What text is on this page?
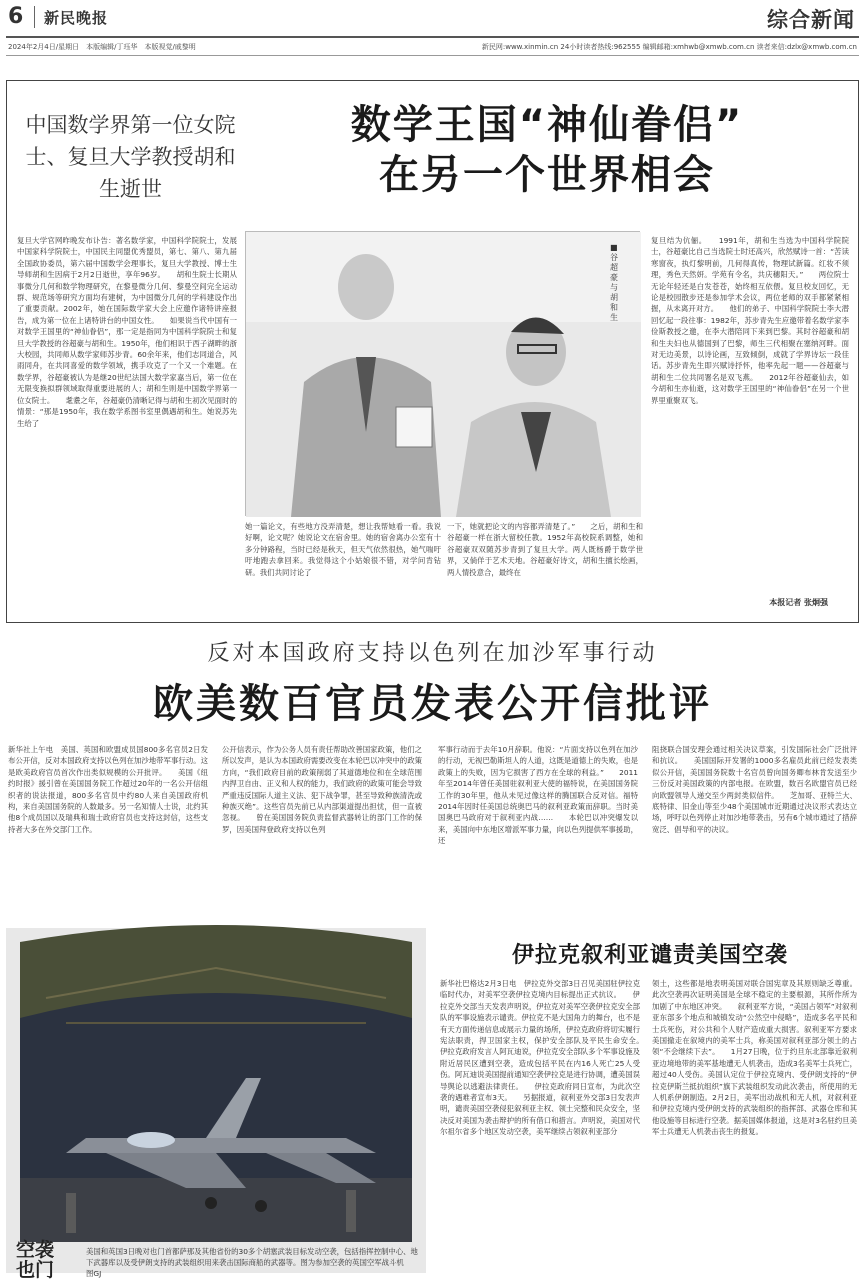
6 新民晚报	综合新闻
2024年2月4日/星期日　本版编辑/丁珏华　本版视觉/戚黎明	新民网:www.xinmin.cn 24小时读者热线:962555 编辑邮箱:xmhwb@xmwb.com.cn 读者来信:dzlx@xmwb.com.cn
中国数学界第一位女院士、复旦大学教授胡和生逝世
数学王国“神仙眷侣”
在另一个世界相会
复旦大学官网昨晚发布讣告：著名数学家，中国科学院院士，发展中国家科学院院士，中国民主同盟优秀盟员，第七、第八、第九届全国政协委员，第六届中国数学会理事长，复旦大学教授、博士生导师胡和生因病于2月2日逝世，享年96岁。　　胡和生院士长期从事微分几何和数学物理研究，在黎曼微分几何、黎曼空间完全运动群、规范场等研究方面均有建树，为中国微分几何的学科建设作出了重要贡献。2002年，她在国际数学家大会上应邀作诸特讲座报告，成为第一位在上诸特讲台的中国女性。　　如果说当代中国有一对数学王国里的“神仙眷侣”，那一定是指同为中国科学院院士和复旦大学教授的谷超豪与胡和生。1950年，他们相识于西子湖畔的浙大校园，共同师从数学家师苏步青。60余年来，他们志同道合，风雨同舟，在共同喜爱的数学领域，携手攻克了一个又一个难题。在数学界，谷超豪被认为是继20世纪法国大数学家嘉当后，第一位在无限变换拟群领域取得重要进展的人；胡和生则是中国数学界第一位女院士。　　耄耋之年，谷超豪仍清晰记得与胡和生初次见面时的情景：“那是1950年，我在数学系图书室里偶遇胡和生。她说苏先生给了
■ 谷超豪与胡和生
她一篇论文，有些地方没弄清楚，想让我帮她看一看。我说好啊，论文呢？她说论文在宿舍里。她的宿舍离办公室有十多分钟路程，当时已经是秋天，但天气依然很热，她气喘吁吁地跑去拿回来。我觉得这个小姑娘很不错，对学问肯钻研。我们共同讨论了
一下，她就把论文的内容都弄清楚了。”　　之后，胡和生和谷超豪一样在浙大留校任教。1952年高校院系调整，她和谷超豪双双随苏步青到了复旦大学。两人既杨爵于数学世界，又倘佯于艺术天地。谷超豪好诗文，胡和生擅长绘画，两人情投意合，最终在
复旦结为伉俪。　　1991年，胡和生当选为中国科学院院士，谷超豪比自己当选院士时还高兴，欣然赋诗一首：“苦读寒窗夜，执灯黎明前，几何得真传，物理试新篇。红妆不须理，秀色天然妍。学苑有令名，共庆穗阳天。”　　两位院士无论年轻还是白发苍苍，始终相互依偎。复旦校友回忆，无论是校园散步还是参加学术会议，两位老师的双手都紧紧相握，从未离开对方。　　他们的弟子、中国科学院院士李大潜回忆起一段往事：1982年，苏步青先生应邀带着名数学家李俭斯教授之邀，在李大潜陪同下来到巴黎。其时谷超豪和胡和生夫妇也从德国到了巴黎，师生三代相聚在塞纳河畔。面对无边美景，以诗论画，互致倾倒，成就了学界诗坛一段佳话。苏步青先生即兴赋诗抒怀，他率先起一题——谷超豪与胡和生二位共同署名是双飞燕。　　2012年谷超豪仙去，如今胡和生亦仙逝，这对数学王国里的“神仙眷侣”在另一个世界里重聚双飞。
本报记者 张炯强
反对本国政府支持以色列在加沙军事行动
欧美数百官员发表公开信批评
新华社上午电　美国、英国和欧盟成员国800多名官员2日发布公开信，反对本国政府支持以色列在加沙地带军事行动。这是欧美政府官员首次作出类似规模的公开批评。　　美国《纽约时报》援引曾在美国国务院工作超过20年的一名公开信组织者的说法报道，800多名官员中约80人来自美国政府机构，来自美国国务院的人数最多。另一名知情人士说，北约其他8个成员国以及瑞典和瑞士政府官员也支持这封信，这些支持者大多在外交部门工作。
公开信表示，作为公务人员有责任帮助改善国家政策，他们之所以发声，是认为本国政府需要改变在本轮巴以冲突中的政策方向，“我们政府目前的政策削弱了其道德地位和在全球范围内捍卫自由、正义和人权的能力，我们政府的政策可能会导致严重违反国际人道主义法、犯下战争罪，甚至导致种族清洗或种族灭绝”。这些官员先前已从内部渠道提出担忧，但一直被忽视。　　曾在美国国务院负责监督武器转让的部门工作的保罗，因美国拜登政府支持以色列
军事行动而于去年10月辞职。他说：“片面支持以色列在加沙的行动，无视巴勒斯坦人的人道，这既是道德上的失败，也是政策上的失败，因为它损害了西方在全球的利益。”　　2011年至2014年曾任美国驻叙利亚大使的福特说，在美国国务院工作的30年里，他从未见过像这样的腾国联合反对信。福特2014年因时任美国总统奥巴马的叙利亚政策而辞职。当时美国奥巴马政府对于叙利亚内战……　　本轮巴以冲突爆发以来，美国向中东地区增派军事力量，向以色列提供军事援助，还
阻挠联合国安理会通过相关决议草案，引发国际社会广泛批评和抗议。　　美国国际开发署的1000多名雇员此前已经发表类似公开信，美国国务院数十名官员曾向国务卿布林肯发送至少三份反对美国政策的内部电报。在欧盟，数百名欧盟官员已经向欧盟领导人递交至少两封类似信件。　　芝加哥、亚特兰大、底特律、旧金山等至少48个美国城市近期通过决议形式表达立场，呼吁以色列停止对加沙地带袭击，另有6个城市通过了措辞宽泛、倡导和平的决议。
空袭也门
美国和英国3日晚对也门首都萨那及其他省份的30多个胡塞武装目标发动空袭，包括指挥控制中心、地下武器库以及受伊朗支持的武装组织用来袭击国际商船的武器等。图为参加空袭的英国空军战斗机　　　图GJ
伊拉克叙利亚谴责美国空袭
新华社巴格达2月3日电　伊拉克外交部3日召见美国驻伊拉克临时代办，对美军空袭伊拉克境内目标提出正式抗议。　　伊拉克外交部当天发表声明说，伊拉克对美军空袭伊拉克安全部队的军事设施表示谴责。伊拉克不是大国角力的舞台，也不是有天方面传递信息或展示力量的场所，伊拉克政府将切实履行宪法职责，捍卫国家主权，保护安全部队及平民生命安全。　　伊拉克政府发言人阿瓦迪说，伊拉克安全部队多个军事设施及附近居民区遭到空袭，造成包括平民在内16人死亡25人受伤。阿瓦迪说美国提前通知空袭伊拉克是进行协调，遭美国误导舆论以逃避法律责任。　　伊拉克政府同日宣布，为此次空袭的遇难者宣布3天。　　另据报道，叙利亚外交部3日发表声明，谴责美国空袭侵犯叙利亚主权、领土完整和民众安全，坚决反对美国为袭击辩护的所有借口和措言。声明说，美国对代尔祖尔省多个地区发动空袭，美军继续占领叙利亚部分
领土，这些都是地表明美国对联合国宪章及其原则缺乏尊重。此次空袭再次证明美国是全球不稳定的主要根源，其所作所为加剧了中东地区冲突。　　叙利亚军方说，“美国占领军”对叙利亚东部多个地点和城镇发动“公然空中侵略”，造成多名平民和士兵死伤，对公共和个人财产造成重大损害。叙利亚军方要求美国撤走在叙境内的美军士兵，称美国对叙利亚部分领土的占领“不会继续下去”。　　1月27日晚，位于约旦东北部靠近叙利亚边境地带的美军基地遭无人机袭击，造成3名美军士兵死亡，超过40人受伤。美国认定位于伊拉克境内、受伊朗支持的“伊拉克伊斯兰抵抗组织”旗下武装组织发动此次袭击，所使用的无人机系伊朗制造。2月2日，美军出动战机和无人机，对叙利亚和伊拉克境内受伊朗支持的武装组织的指挥部、武器仓库和其他设施等目标进行空袭。据美国媒体报道，这是对3名驻约旦美军士兵遭无人机袭击丧生的报复。
